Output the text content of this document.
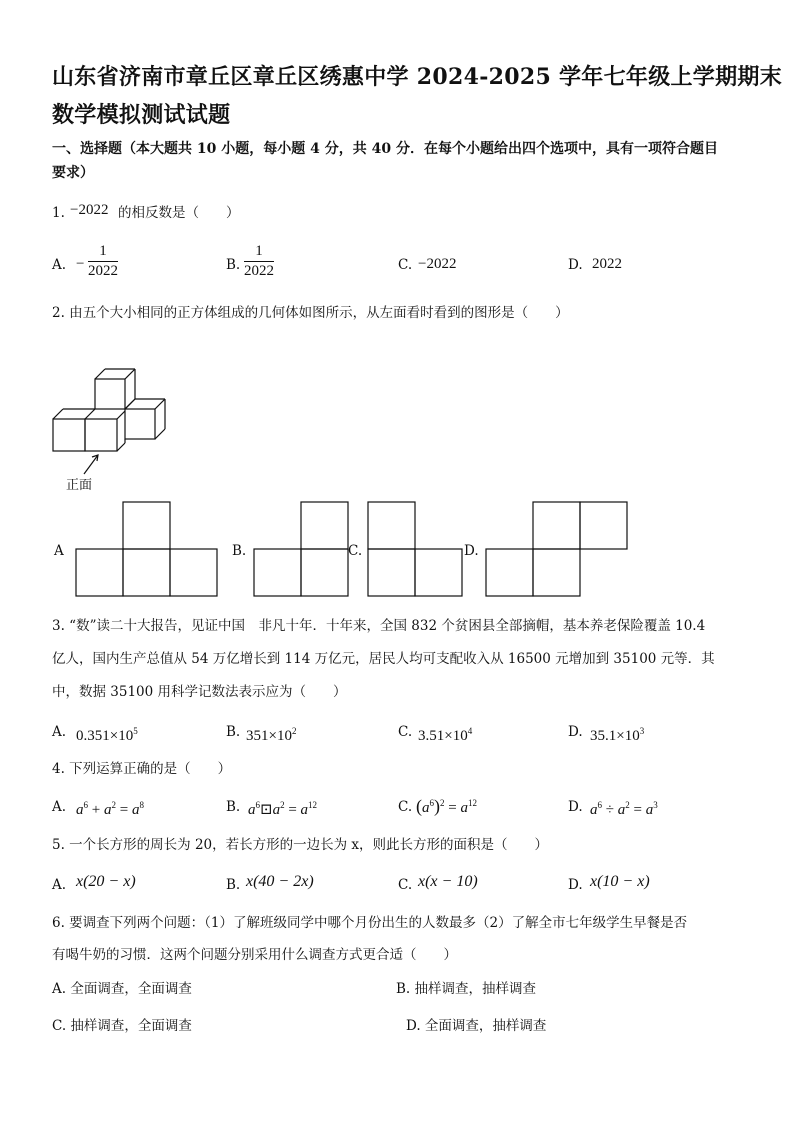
山东省济南市章丘区章丘区绣惠中学 2024-2025 学年七年级上学期期末
数学模拟测试试题
一、选择题（本大题共 10 小题，每小题 4 分，共 40 分．在每个小题给出四个选项中，具有一项符合题目
要求）
1. −2022 的相反数是（　　）
A. − $\frac{1}{2022}$	B. $\frac{1}{2022}$	C. −2022	D. 2022
2. 由五个大小相同的正方体组成的几何体如图所示，从左面看时看到的图形是（　　）
正面
A	B.	C.	D.
3. “数”读二十大报告，见证中国　非凡十年．十年来，全国 832 个贫困县全部摘帽，基本养老保险覆盖 10.4
亿人，国内生产总值从 54 万亿增长到 114 万亿元，居民人均可支配收入从 16500 元增加到 35100 元等．其
中，数据 35100 用科学记数法表示应为（　　）
A. $0.351\times 10^5$	B. $351\times 10^2$	C. $3.51\times 10^4$	D. $35.1\times 10^3$
4. 下列运算正确的是（　　）
A. $a^6 + a^2 = a^8$	B. $a^6⊡a^2 = a^{12}$	C. $(a^6)^2 = a^{12}$	D. $a^6 \div a^2 = a^3$
5. 一个长方形的周长为 20，若长方形的一边长为 x，则此长方形的面积是（　　）
A. x(20 − x)	B. x(40 − 2x)	C. x(x − 10)	D. x(10 − x)
6. 要调查下列两个问题：（1）了解班级同学中哪个月份出生的人数最多（2）了解全市七年级学生早餐是否
有喝牛奶的习惯．这两个问题分别采用什么调查方式更合适（　　）
A. 全面调查，全面调查	B. 抽样调查，抽样调查
C. 抽样调查，全面调查	D. 全面调查，抽样调查
